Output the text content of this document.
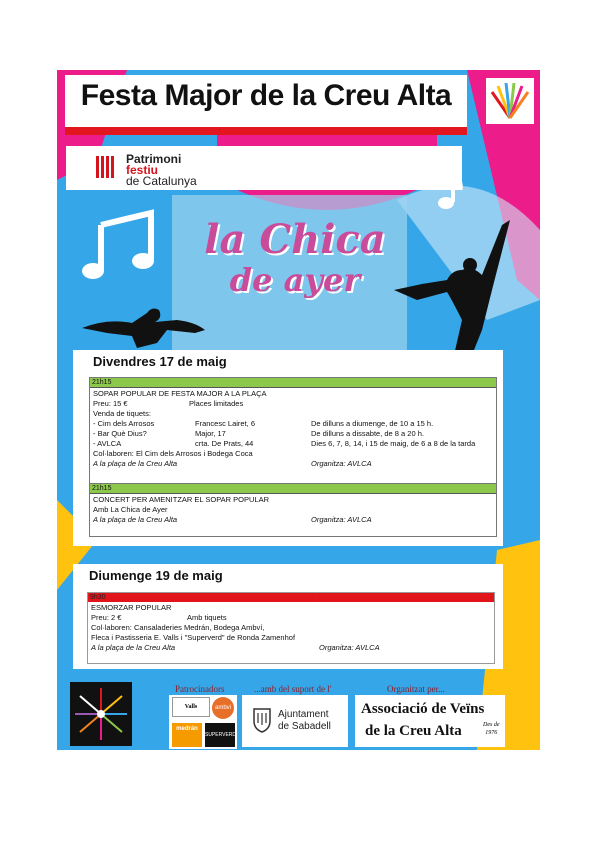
la Chica
de ayer
Festa Major de la Creu Alta
Patrimoni
festiu
de Catalunya
Divendres 17 de maig
21h15
SOPAR POPULAR DE FESTA MAJOR A LA PLAÇA
Preu: 15 €	Places limitades
Venda de tiquets:
- Cim dels Arrosos	Francesc Lairet, 6	De dilluns a diumenge, de 10 a 15 h.
- Bar Què Dius?	Major, 17	De dilluns a dissabte, de 8 a 20 h.
- AVLCA	crta. De Prats, 44	Dies 6, 7, 8, 14, i 15 de maig, de 6 a 8 de la tarda
Col·laboren: El Cim dels Arrosos i Bodega Coca
A la plaça de la Creu Alta	Organitza: AVLCA
21h15
CONCERT PER AMENITZAR EL SOPAR POPULAR
Amb La Chica de Ayer
A la plaça de la Creu Alta	Organitza: AVLCA
Diumenge 19 de maig
9h30
ESMORZAR POPULAR
Preu: 2 €	Amb tiquets
Col·laboren: Cansaladeries Medrán, Bodega Ambví,
Fleca i Pastisseria E. Valls i "Superverd" de Ronda Zamenhof
A la plaça de la Creu Alta	Organitza: AVLCA
Patrocinadors	...amb del suport de l'	Organitzat per...
Valls	ambvi
medrán
SUPERVERD
Ajuntament
de Sabadell
Associació de Veïns
de la Creu Alta	Des de
1976
